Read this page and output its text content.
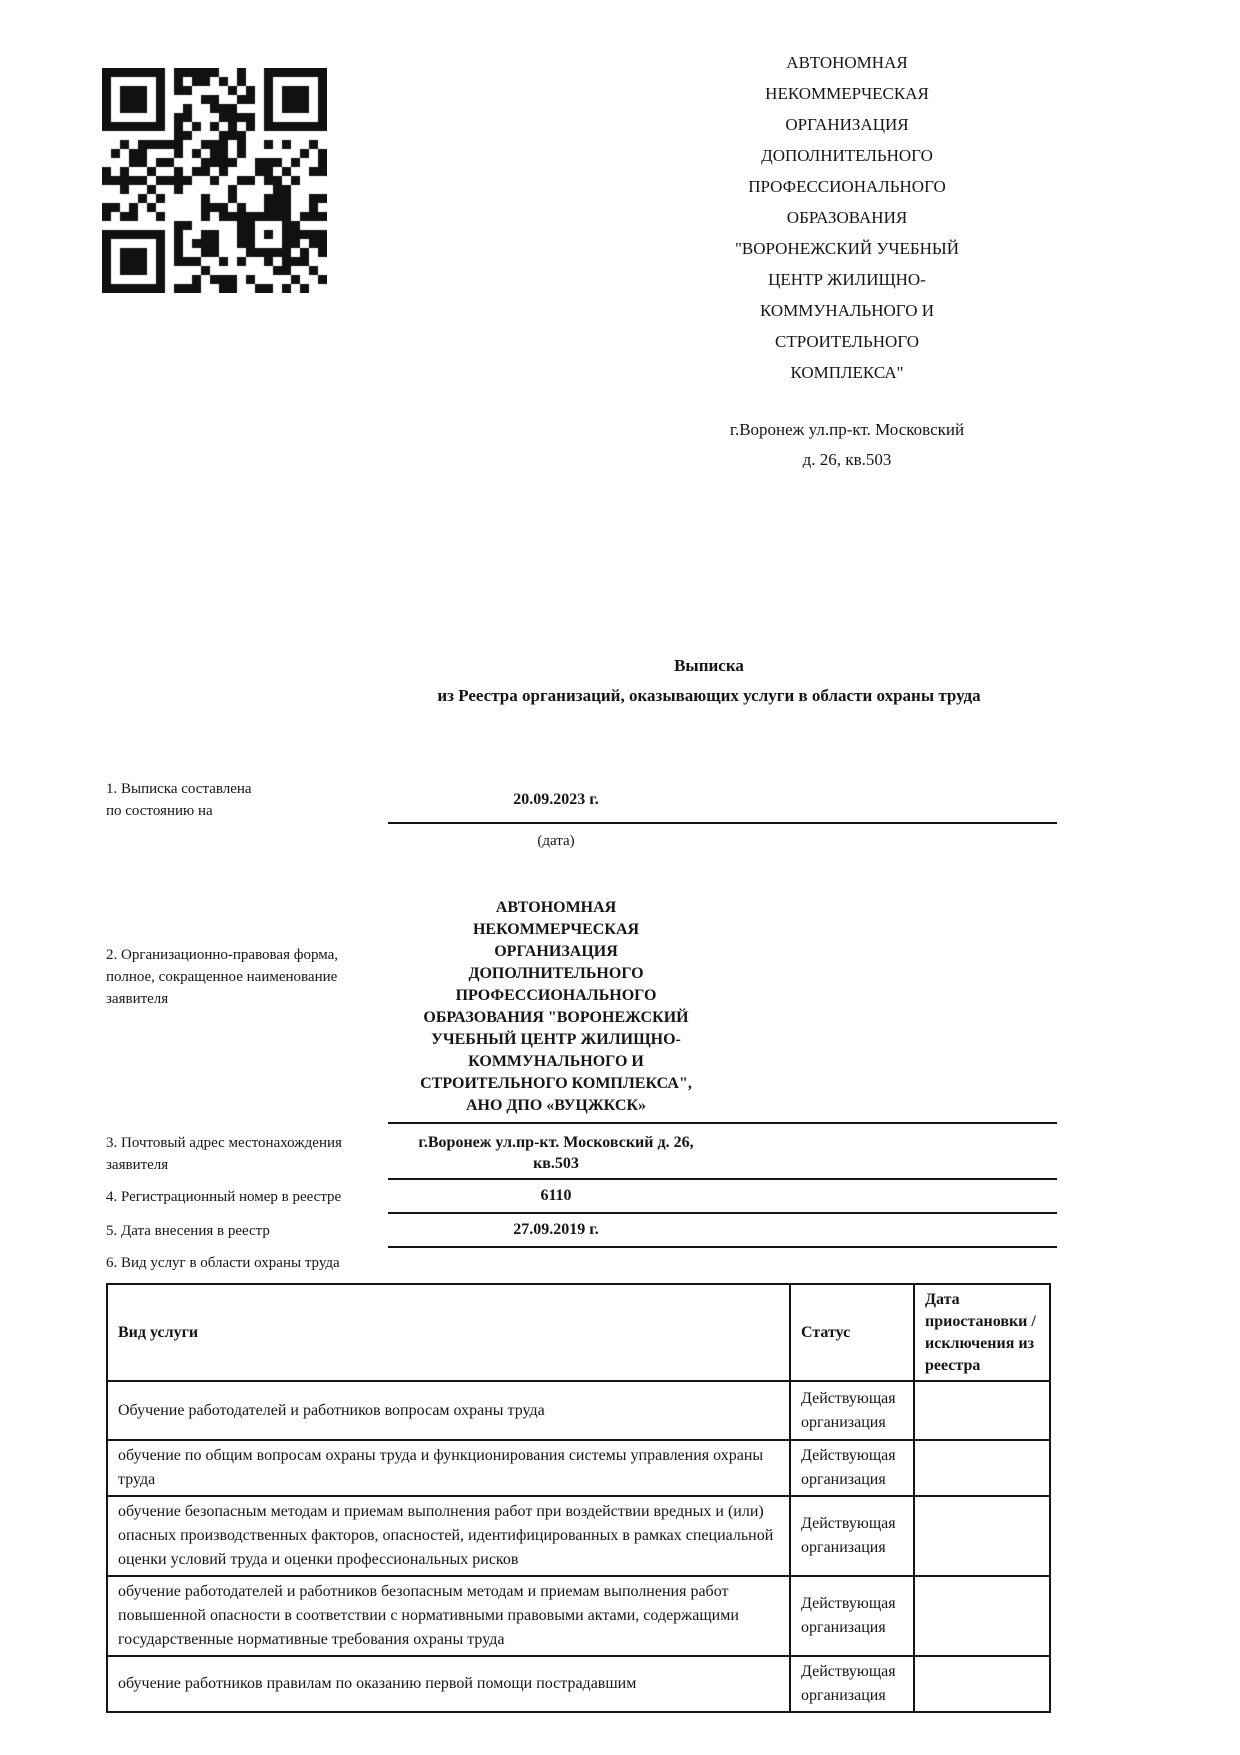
АВТОНОМНАЯ
НЕКОММЕРЧЕСКАЯ
ОРГАНИЗАЦИЯ
ДОПОЛНИТЕЛЬНОГО
ПРОФЕССИОНАЛЬНОГО
ОБРАЗОВАНИЯ
"ВОРОНЕЖСКИЙ УЧЕБНЫЙ
ЦЕНТР ЖИЛИЩНО-
КОММУНАЛЬНОГО И
СТРОИТЕЛЬНОГО
КОМПЛЕКСА"
г.Воронеж ул.пр-кт. Московский
д. 26, кв.503
Выписка
из Реестра организаций, оказывающих услуги в области охраны труда
1. Выписка составлена
по состоянию на
20.09.2023 г.
(дата)
2. Организационно-правовая форма,
полное, сокращенное наименование
заявителя
АВТОНОМНАЯ
НЕКОММЕРЧЕСКАЯ
ОРГАНИЗАЦИЯ
ДОПОЛНИТЕЛЬНОГО
ПРОФЕССИОНАЛЬНОГО
ОБРАЗОВАНИЯ "ВОРОНЕЖСКИЙ
УЧЕБНЫЙ ЦЕНТР ЖИЛИЩНО-
КОММУНАЛЬНОГО И
СТРОИТЕЛЬНОГО КОМПЛЕКСА",
АНО ДПО «ВУЦЖКСК»
3. Почтовый адрес местонахождения
заявителя
г.Воронеж ул.пр-кт. Московский д. 26,
кв.503
4. Регистрационный номер в реестре	6110
5. Дата внесения в реестр	27.09.2019 г.
6. Вид услуг в области охраны труда
Вид услуги	Статус	Дата приостановки / исключения из реестра
Обучение работодателей и работников вопросам охраны труда	Действующая организация	
обучение по общим вопросам охраны труда и функционирования системы управления охраны труда	Действующая организация	
обучение безопасным методам и приемам выполнения работ при воздействии вредных и (или) опасных производственных факторов, опасностей, идентифицированных в рамках специальной оценки условий труда и оценки профессиональных рисков	Действующая организация	
обучение работодателей и работников безопасным методам и приемам выполнения работ повышенной опасности в соответствии с нормативными правовыми актами, содержащими государственные нормативные требования охраны труда	Действующая организация	
обучение работников правилам по оказанию первой помощи пострадавшим	Действующая организация	
